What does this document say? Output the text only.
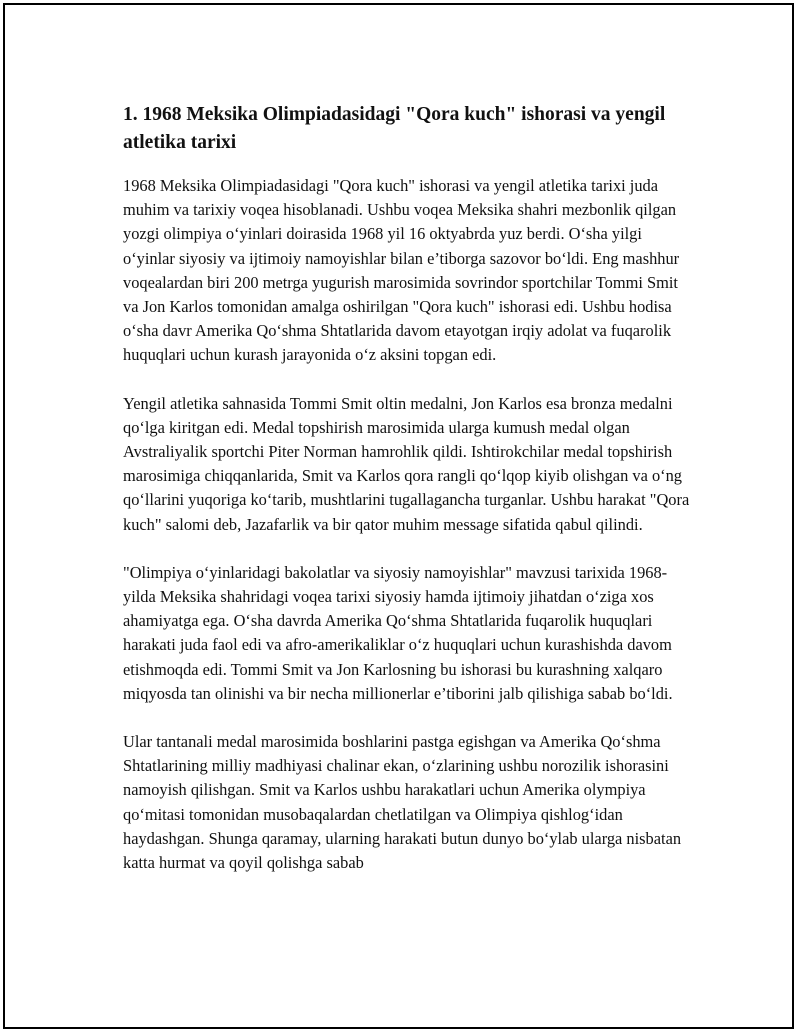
1. 1968 Meksika Olimpiadasidagi "Qora kuch" ishorasi va yengil atletika tarixi

1968 Meksika Olimpiadasidagi "Qora kuch" ishorasi va yengil atletika tarixi juda muhim va tarixiy voqea hisoblanadi. Ushbu voqea Meksika shahri mezbonlik qilgan yozgi olimpiya o‘yinlari doirasida 1968 yil 16 oktyabrda yuz berdi. O‘sha yilgi o‘yinlar siyosiy va ijtimoiy namoyishlar bilan e’tiborga sazovor bo‘ldi. Eng mashhur voqealardan biri 200 metrga yugurish marosimida sovrindor sportchilar Tommi Smit va Jon Karlos tomonidan amalga oshirilgan "Qora kuch" ishorasi edi. Ushbu hodisa o‘sha davr Amerika Qo‘shma Shtatlarida davom etayotgan irqiy adolat va fuqarolik huquqlari uchun kurash jarayonida o‘z aksini topgan edi.

Yengil atletika sahnasida Tommi Smit oltin medalni, Jon Karlos esa bronza medalni qo‘lga kiritgan edi. Medal topshirish marosimida ularga kumush medal olgan Avstraliyalik sportchi Piter Norman hamrohlik qildi. Ishtirokchilar medal topshirish marosimiga chiqqanlarida, Smit va Karlos qora rangli qo‘lqop kiyib olishgan va o‘ng qo‘llarini yuqoriga ko‘tarib, mushtlarini tugallagancha turganlar. Ushbu harakat "Qora kuch" salomi deb, Jazafarlik va bir qator muhim message sifatida qabul qilindi.

"Olimpiya o‘yinlaridagi bakolatlar va siyosiy namoyishlar" mavzusi tarixida 1968-yilda Meksika shahridagi voqea tarixi siyosiy hamda ijtimoiy jihatdan o‘ziga xos ahamiyatga ega. O‘sha davrda Amerika Qo‘shma Shtatlarida fuqarolik huquqlari harakati juda faol edi va afro-amerikaliklar o‘z huquqlari uchun kurashishda davom etishmoqda edi. Tommi Smit va Jon Karlosning bu ishorasi bu kurashning xalqaro miqyosda tan olinishi va bir necha millionerlar e’tiborini jalb qilishiga sabab bo‘ldi.

Ular tantanali medal marosimida boshlarini pastga egishgan va Amerika Qo‘shma Shtatlarining milliy madhiyasi chalinar ekan, o‘zlarining ushbu norozilik ishorasini namoyish qilishgan. Smit va Karlos ushbu harakatlari uchun Amerika olympiya qo‘mitasi tomonidan musobaqalardan chetlatilgan va Olimpiya qishlog‘idan haydashgan. Shunga qaramay, ularning harakati butun dunyo bo‘ylab ularga nisbatan katta hurmat va qoyil qolishga sabab
